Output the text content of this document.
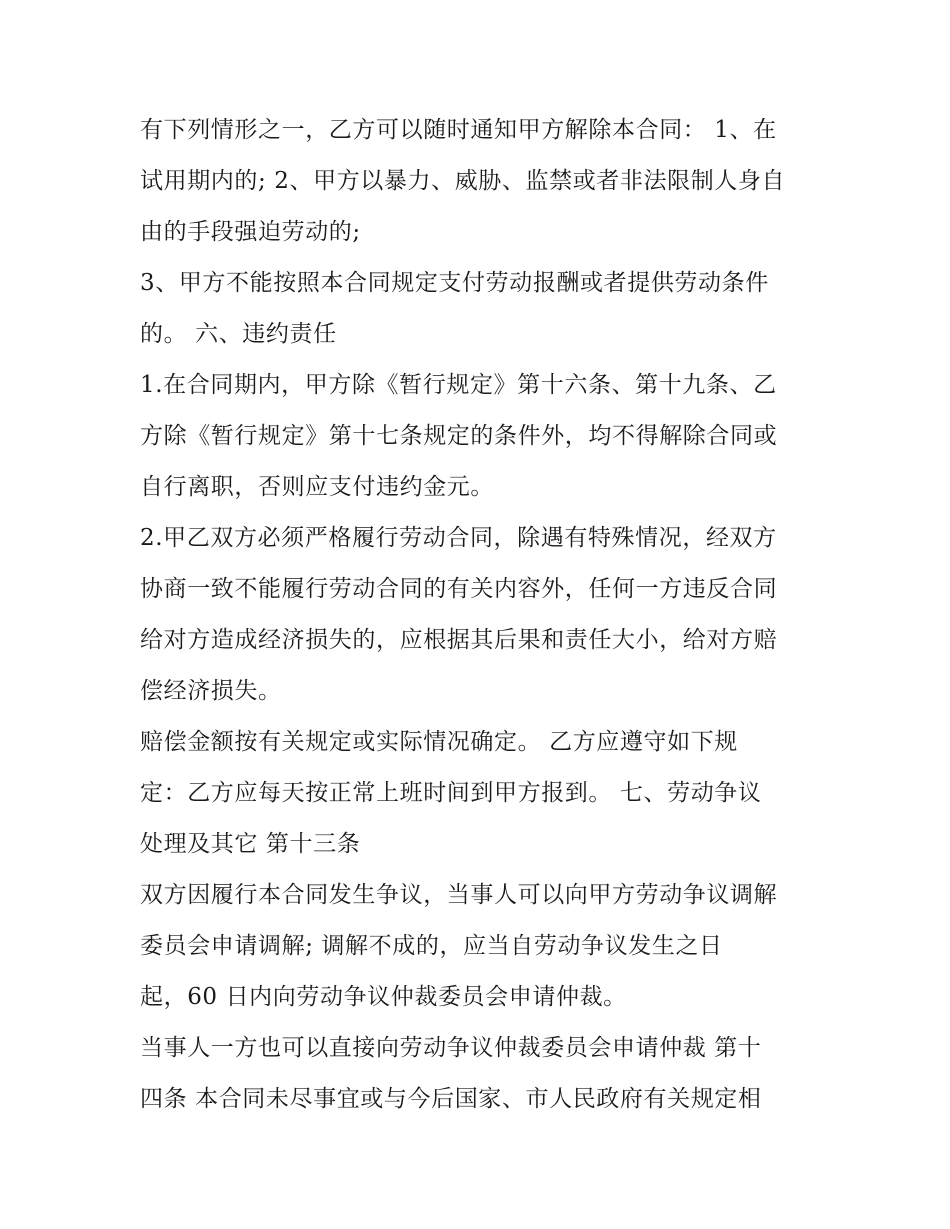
有下列情形之一，乙方可以随时通知甲方解除本合同： 1、在
试用期内的; 2、甲方以暴力、威胁、监禁或者非法限制人身自
由的手段强迫劳动的;
3、甲方不能按照本合同规定支付劳动报酬或者提供劳动条件
的。 六、违约责任
1.在合同期内，甲方除《暂行规定》第十六条、第十九条、乙
方除《暂行规定》第十七条规定的条件外，均不得解除合同或
自行离职，否则应支付违约金元。
2.甲乙双方必须严格履行劳动合同，除遇有特殊情况，经双方
协商一致不能履行劳动合同的有关内容外，任何一方违反合同
给对方造成经济损失的，应根据其后果和责任大小，给对方赔
偿经济损失。
赔偿金额按有关规定或实际情况确定。 乙方应遵守如下规
定：乙方应每天按正常上班时间到甲方报到。 七、劳动争议
处理及其它 第十三条
双方因履行本合同发生争议，当事人可以向甲方劳动争议调解
委员会申请调解; 调解不成的，应当自劳动争议发生之日
起，60 日内向劳动争议仲裁委员会申请仲裁。
当事人一方也可以直接向劳动争议仲裁委员会申请仲裁 第十
四条 本合同未尽事宜或与今后国家、市人民政府有关规定相
